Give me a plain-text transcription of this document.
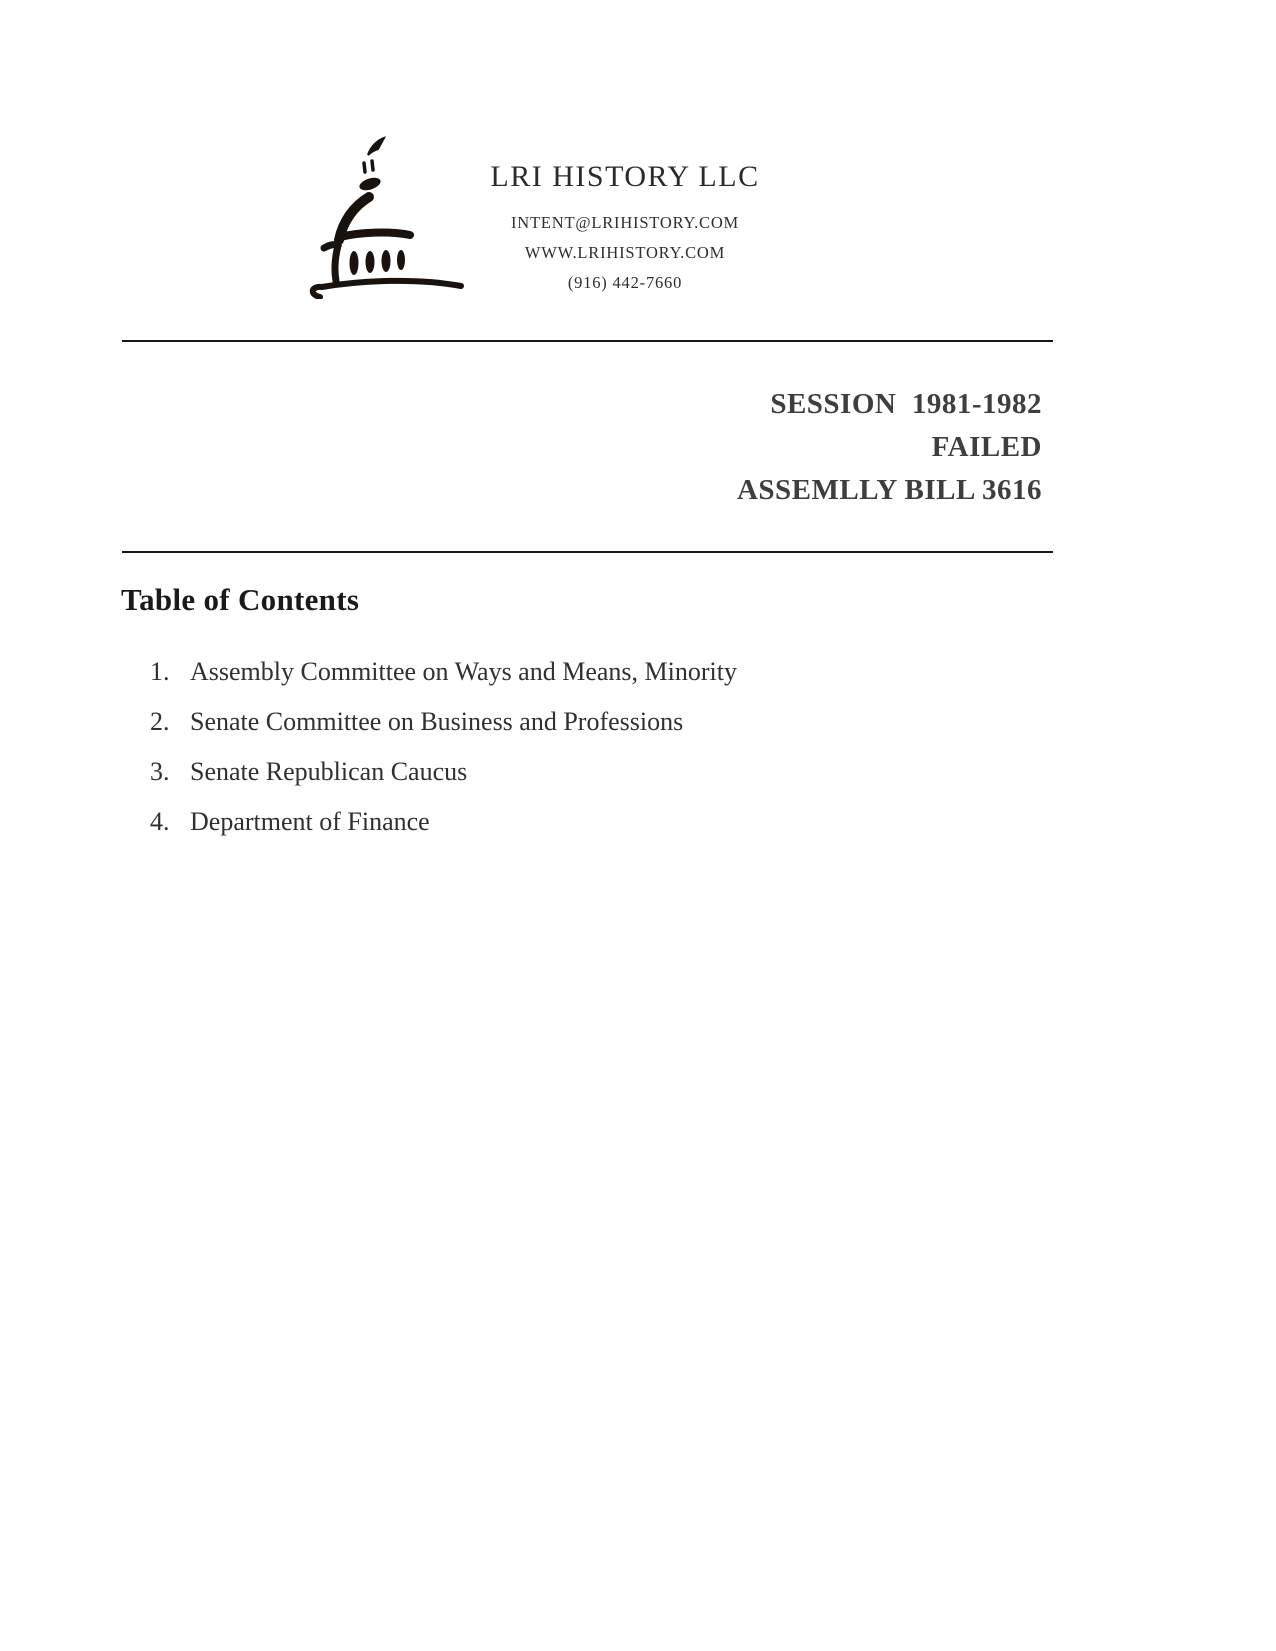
LRI HISTORY LLC
INTENT@LRIHISTORY.COM
WWW.LRIHISTORY.COM
(916) 442-7660
SESSION  1981-1982
FAILED
ASSEMLLY BILL 3616
Table of Contents
1. Assembly Committee on Ways and Means, Minority
2. Senate Committee on Business and Professions
3. Senate Republican Caucus
4. Department of Finance
